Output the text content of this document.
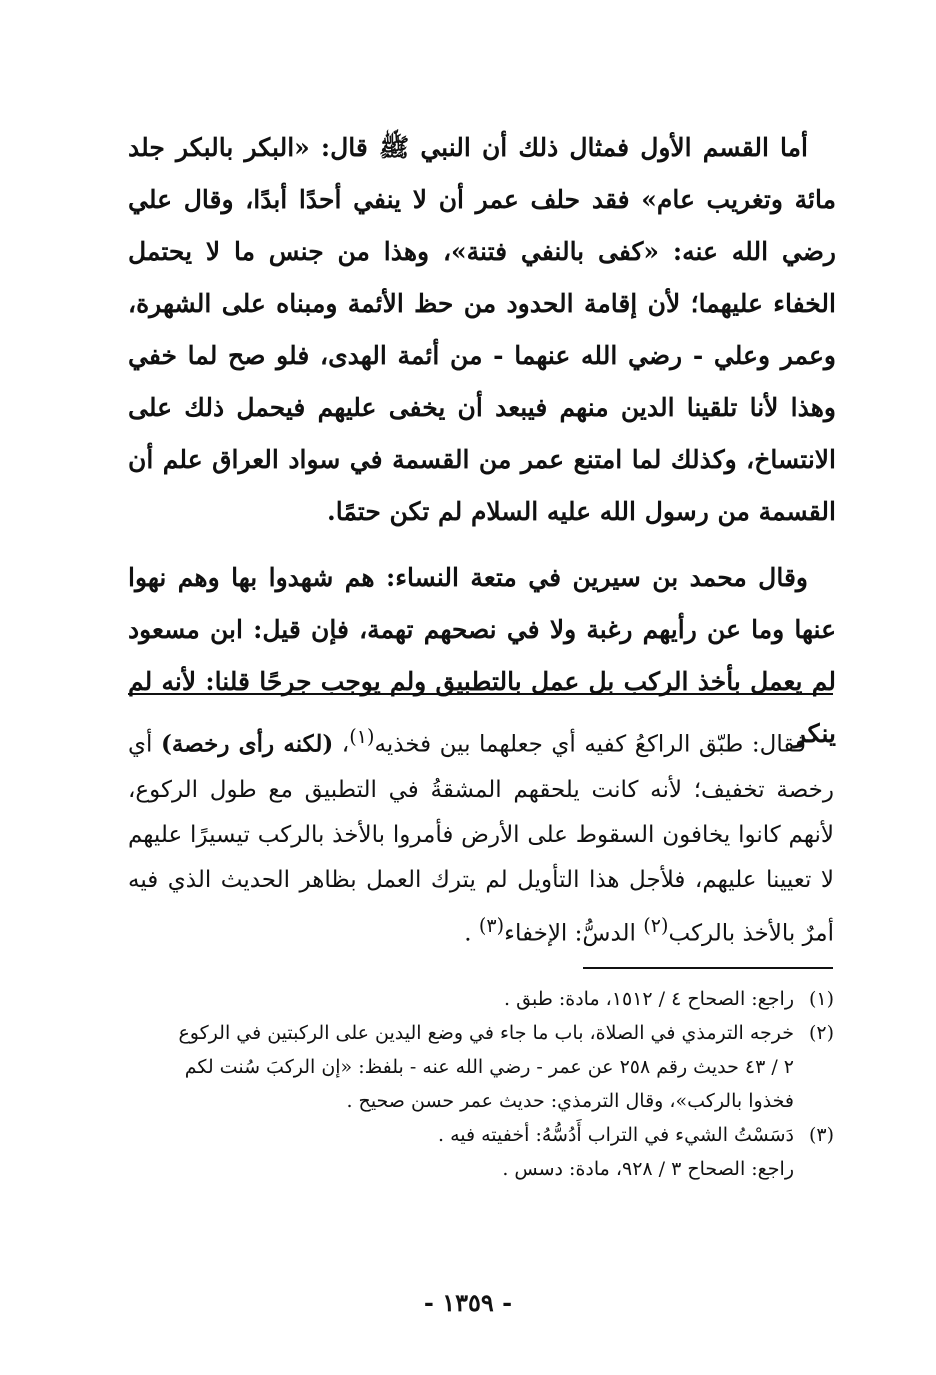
أما القسم الأول فمثال ذلك أن النبي ﷺ قال: «البكر بالبكر جلد مائة وتغريب عام» فقد حلف عمر أن لا ينفي أحدًا أبدًا، وقال علي رضي الله عنه: «كفى بالنفي فتنة»، وهذا من جنس ما لا يحتمل الخفاء عليهما؛ لأن إقامة الحدود من حظ الأئمة ومبناه على الشهرة، وعمر وعلي - رضي الله عنهما - من أئمة الهدى، فلو صح لما خفي وهذا لأنا تلقينا الدين منهم فيبعد أن يخفى عليهم فيحمل ذلك على الانتساخ، وكذلك لما امتنع عمر من القسمة في سواد العراق علم أن القسمة من رسول الله عليه السلام لم تكن حتمًا.

وقال محمد بن سيرين في متعة النساء: هم شهدوا بها وهم نهوا عنها وما عن رأيهم رغبة ولا في نصحهم تهمة، فإن قيل: ابن مسعود لم يعمل بأخذ الركب بل عمل بالتطبيق ولم يوجب جرحًا قلنا: لأنه لم ينكر

فقال: طبّق الراكعُ كفيه أي جعلهما بين فخذيه$^{(١)}$، (لكنه رأى رخصة) أي رخصة تخفيف؛ لأنه كانت يلحقهم المشقةُ في التطبيق مع طول الركوع، لأنهم كانوا يخافون السقوط على الأرض فأمروا بالأخذ بالركب تيسيرًا عليهم لا تعيينا عليهم، فلأجل هذا التأويل لم يترك العمل بظاهر الحديث الذي فيه أمرٌ بالأخذ بالركب$^{(٢)}$ الدسُّ: الإخفاء$^{(٣)}$ .

(١)
راجع: الصحاح ٤ / ١٥١٢، مادة: طبق .

(٢)
خرجه الترمذي في الصلاة، باب ما جاء في وضع اليدين على الركبتين في الركوع

٢ / ٤٣ حديث رقم ٢٥٨ عن عمر - رضي الله عنه - بلفظ: «إن الركبَ سُنت لكم

فخذوا بالركب»، وقال الترمذي: حديث عمر حسن صحيح .

(٣)
دَسَسْتُ الشيء في التراب أَدُسُّهُ: أخفيته فيه .

راجع: الصحاح ٣ / ٩٢٨، مادة: دسس .

- ١٣٥٩ -
